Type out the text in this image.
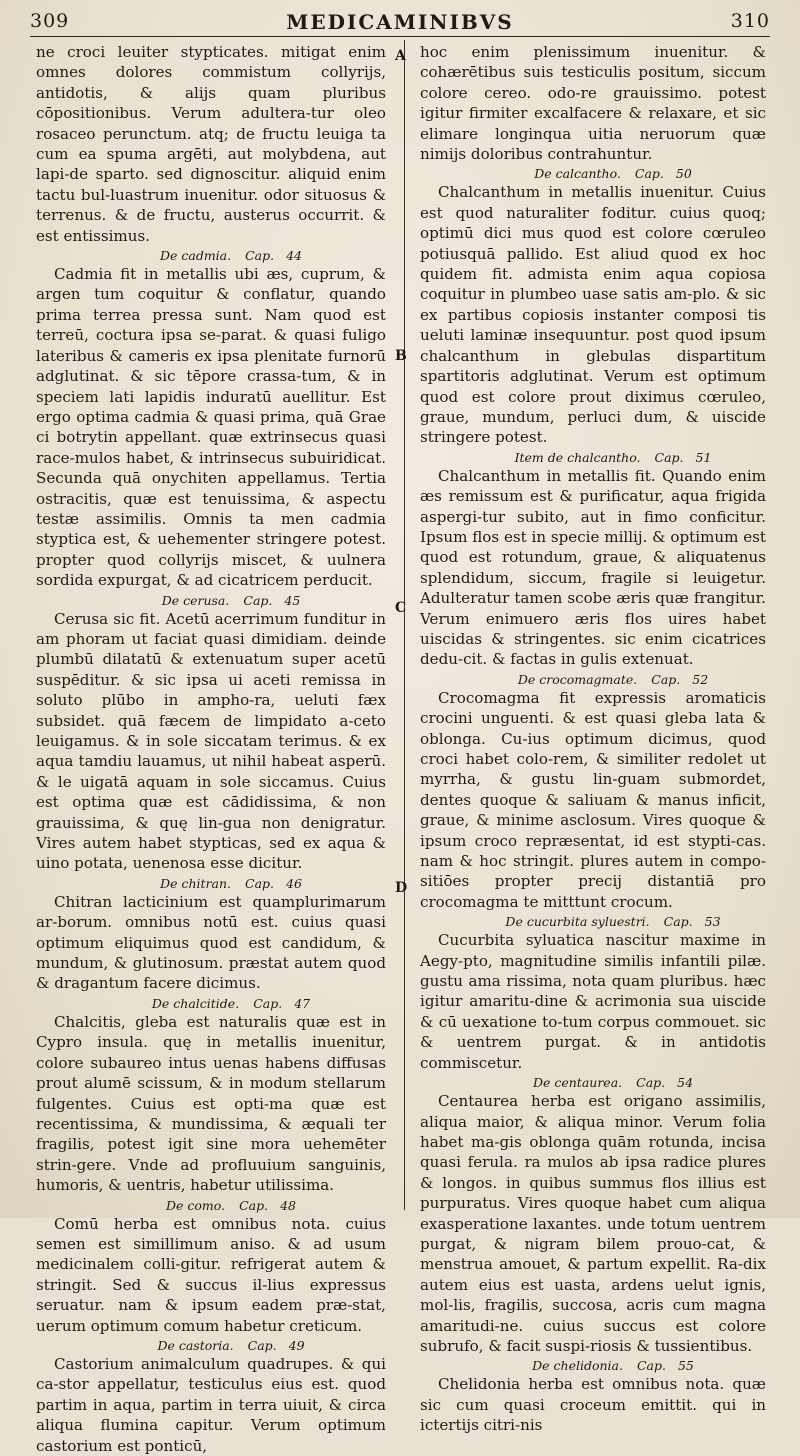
309	MEDICAMINIBVS	310

ne croci leuiter stypticates. mitigat enim omnes dolores commistum collyrijs, antidotis, & alijs quam pluribus cōpositionibus. Verum adultera-tur oleo rosaceo perunctum. atq; de fructu leuiga ta cum ea spuma argēti, aut molybdena, aut lapi-de sparto. sed dignoscitur. aliquid enim tactu bul-luastrum inuenitur. odor situosus & terrenus. & de fructu, austerus occurrit. & est entissimus.

De cadmia. Cap. 44

Cadmia fit in metallis ubi æs, cuprum, & argen tum coquitur & conflatur, quando prima terrea pressa sunt. Nam quod est terreū, coctura ipsa se-parat. & quasi fuligo lateribus & cameris ex ipsa plenitate furnorū adglutinat. & sic tēpore crassa-tum, & in speciem lati lapidis induratū auellitur. Est ergo optima cadmia & quasi prima, quā Grae ci botrytin appellant. quæ extrinsecus quasi race-mulos habet, & intrinsecus subuiridicat. Secunda quā onychiten appellamus. Tertia ostracitis, quæ est tenuissima, & aspectu testæ assimilis. Omnis ta men cadmia styptica est, & uehementer stringere potest. propter quod collyrijs miscet, & uulnera sordida expurgat, & ad cicatricem perducit.

De cerusa. Cap. 45

Cerusa sic fit. Acetū acerrimum funditur in am phoram ut faciat quasi dimidiam. deinde plumbū dilatatū & extenuatum super acetū suspēditur. & sic ipsa ui aceti remissa in soluto plūbo in ampho-ra, ueluti fæx subsidet. quā fæcem de limpidato a-ceto leuigamus. & in sole siccatam terimus. & ex aqua tamdiu lauamus, ut nihil habeat asperū. & le uigatā aquam in sole siccamus. Cuius est optima quæ est cādidissima, & non grauissima, & quę lin-gua non denigratur. Vires autem habet stypticas, sed ex aqua & uino potata, uenenosa esse dicitur.

De chitran. Cap. 46

Chitran lacticinium est quamplurimarum ar-borum. omnibus notū est. cuius quasi optimum eliquimus quod est candidum, & mundum, & glutinosum. præstat autem quod & dragantum facere dicimus.

De chalcitide. Cap. 47

Chalcitis, gleba est naturalis quæ est in Cypro insula. quę in metallis inuenitur, colore subaureo intus uenas habens diffusas prout alumē scissum, & in modum stellarum fulgentes. Cuius est opti-ma quæ est recentissima, & mundissima, & æquali ter fragilis, potest igit sine mora uehemēter strin-gere. Vnde ad profluuium sanguinis, humoris, & uentris, habetur utilissima.

De como. Cap. 48

Comū herba est omnibus nota. cuius semen est simillimum aniso. & ad usum medicinalem colli-gitur. refrigerat autem & stringit. Sed & succus il-lius expressus seruatur. nam & ipsum eadem præ-stat, uerum optimum comum habetur creticum.

De castoria. Cap. 49

Castorium animalculum quadrupes. & qui ca-stor appellatur, testiculus eius est. quod partim in aqua, partim in terra uiuit, & circa aliqua flumina capitur. Verum optimum castorium est ponticū,

hoc enim plenissimum inuenitur. & cohærētibus suis testiculis positum, siccum colore cereo. odo-re grauissimo. potest igitur firmiter excalfacere & relaxare, et sic elimare longinqua uitia neruorum quæ nimijs doloribus contrahuntur.

De calcantho. Cap. 50

Chalcanthum in metallis inuenitur. Cuius est quod naturaliter foditur. cuius quoq; optimū dici mus quod est colore cœruleo potiusquā pallido. Est aliud quod ex hoc quidem fit. admista enim aqua copiosa coquitur in plumbeo uase satis am-plo. & sic ex partibus copiosis instanter composi tis ueluti laminæ insequuntur. post quod ipsum chalcanthum in glebulas dispartitum spartitoris adglutinat. Verum est optimum quod est colore prout diximus cœruleo, graue, mundum, perluci dum, & uiscide stringere potest.

Item de chalcantho. Cap. 51

Chalcanthum in metallis fit. Quando enim æs remissum est & purificatur, aqua frigida aspergi-tur subito, aut in fimo conficitur. Ipsum flos est in specie millij. & optimum est quod est rotundum, graue, & aliquatenus splendidum, siccum, fragile si leuigetur. Adulteratur tamen scobe æris quæ frangitur. Verum enimuero æris flos uires habet uiscidas & stringentes. sic enim cicatrices dedu-cit. & factas in gulis extenuat.

De crocomagmate. Cap. 52

Crocomagma fit expressis aromaticis crocini unguenti. & est quasi gleba lata & oblonga. Cu-ius optimum dicimus, quod croci habet colo-rem, & similiter redolet ut myrrha, & gustu lin-guam submordet, dentes quoque & saliuam & manus inficit, graue, & minime asclosum. Vires quoque & ipsum croco repræsentat, id est stypti-cas. nam & hoc stringit. plures autem in compo-sitiōes propter precij distantiā pro crocomagma te mitttunt crocum.

De cucurbita syluestri. Cap. 53

Cucurbita syluatica nascitur maxime in Aegy-pto, magnitudine similis infantili pilæ. gustu ama rissima, nota quam pluribus. hæc igitur amaritu-dine & acrimonia sua uiscide & cū uexatione to-tum corpus commouet. sic & uentrem purgat. & in antidotis commiscetur.

De centaurea. Cap. 54

Centaurea herba est origano assimilis, aliqua maior, & aliqua minor. Verum folia habet ma-gis oblonga quām rotunda, incisa quasi ferula. ra mulos ab ipsa radice plures & longos. in quibus summus flos illius est purpuratus. Vires quoque habet cum aliqua exasperatione laxantes. unde totum uentrem purgat, & nigram bilem prouo-cat, & menstrua amouet, & partum expellit. Ra-dix autem eius est uasta, ardens uelut ignis, mol-lis, fragilis, succosa, acris cum magna amaritudi-ne. cuius succus est colore subrufo, & facit suspi-riosis & tussientibus.

De chelidonia. Cap. 55

Chelidonia herba est omnibus nota. quæ sic cum quasi croceum emittit. qui in ictertijs citri-nis

A
B
C
D
